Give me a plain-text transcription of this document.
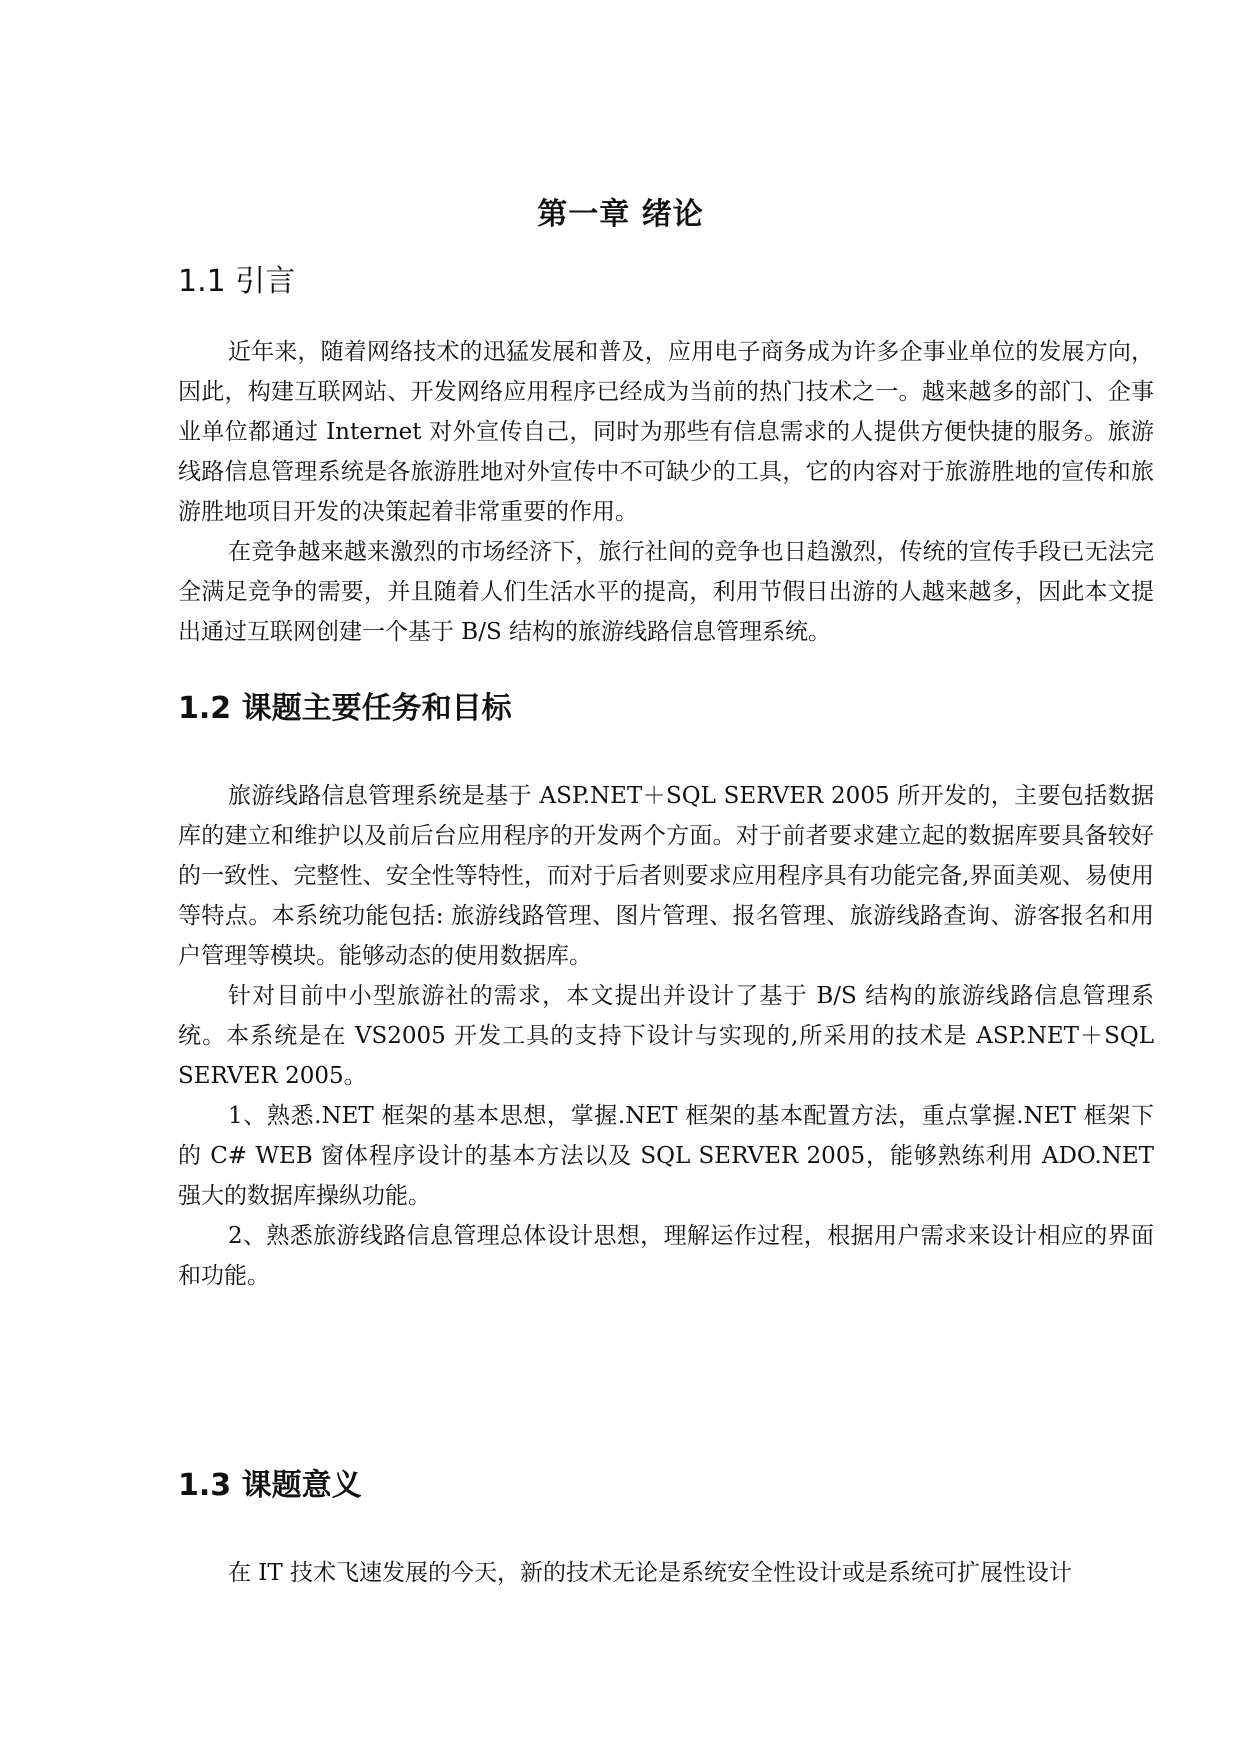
第一章 绪论
1.1 引言

近年来，随着网络技术的迅猛发展和普及，应用电子商务成为许多企事业单位的发展方向，因此，构建互联网站、开发网络应用程序已经成为当前的热门技术之一。越来越多的部门、企事业单位都通过 Internet 对外宣传自己，同时为那些有信息需求的人提供方便快捷的服务。旅游线路信息管理系统是各旅游胜地对外宣传中不可缺少的工具，它的内容对于旅游胜地的宣传和旅游胜地项目开发的决策起着非常重要的作用。

在竞争越来越来激烈的市场经济下，旅行社间的竞争也日趋激烈，传统的宣传手段已无法完全满足竞争的需要，并且随着人们生活水平的提高，利用节假日出游的人越来越多，因此本文提出通过互联网创建一个基于 B/S 结构的旅游线路信息管理系统。

1.2 课题主要任务和目标

旅游线路信息管理系统是基于 ASP.NET＋SQL SERVER 2005 所开发的，主要包括数据库的建立和维护以及前后台应用程序的开发两个方面。对于前者要求建立起的数据库要具备较好的一致性、完整性、安全性等特性，而对于后者则要求应用程序具有功能完备,界面美观、易使用等特点。本系统功能包括: 旅游线路管理、图片管理、报名管理、旅游线路查询、游客报名和用户管理等模块。能够动态的使用数据库。

针对目前中小型旅游社的需求，本文提出并设计了基于 B/S 结构的旅游线路信息管理系统。本系统是在 VS2005 开发工具的支持下设计与实现的,所采用的技术是 ASP.NET＋SQL SERVER 2005。

1、熟悉.NET 框架的基本思想，掌握.NET 框架的基本配置方法，重点掌握.NET 框架下的 C# WEB 窗体程序设计的基本方法以及 SQL SERVER 2005，能够熟练利用 ADO.NET 强大的数据库操纵功能。

2、熟悉旅游线路信息管理总体设计思想，理解运作过程，根据用户需求来设计相应的界面和功能。

1.3 课题意义

在 IT 技术飞速发展的今天，新的技术无论是系统安全性设计或是系统可扩展性设计
